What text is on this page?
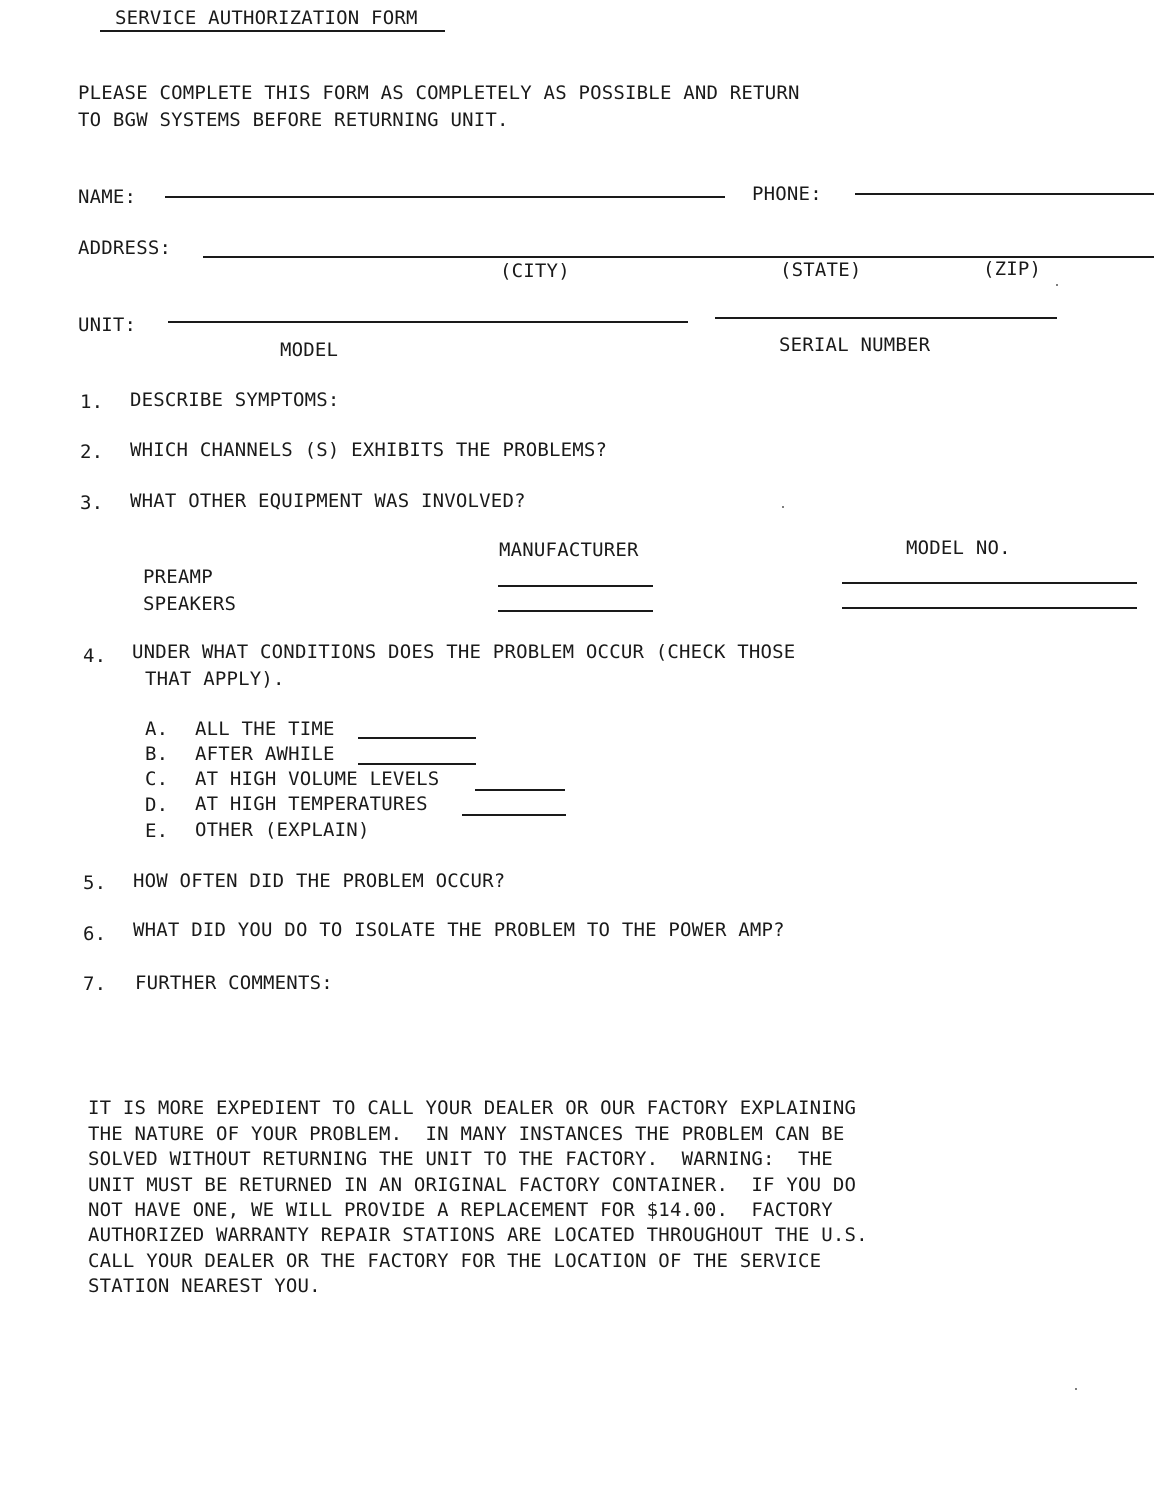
SERVICE AUTHORIZATION FORM
PLEASE COMPLETE THIS FORM AS COMPLETELY AS POSSIBLE AND RETURN
TO BGW SYSTEMS BEFORE RETURNING UNIT.
NAME:	PHONE:
ADDRESS:
(CITY)	(STATE)	(ZIP)
UNIT:
MODEL	SERIAL NUMBER
1. DESCRIBE SYMPTOMS:
2. WHICH CHANNELS (S) EXHIBITS THE PROBLEMS?
3. WHAT OTHER EQUIPMENT WAS INVOLVED?
MANUFACTURER	MODEL NO.
PREAMP
SPEAKERS
4. UNDER WHAT CONDITIONS DOES THE PROBLEM OCCUR (CHECK THOSE
THAT APPLY).
A. ALL THE TIME
B. AFTER AWHILE
C. AT HIGH VOLUME LEVELS
D. AT HIGH TEMPERATURES
E. OTHER (EXPLAIN)
5. HOW OFTEN DID THE PROBLEM OCCUR?
6. WHAT DID YOU DO TO ISOLATE THE PROBLEM TO THE POWER AMP?
7. FURTHER COMMENTS:
IT IS MORE EXPEDIENT TO CALL YOUR DEALER OR OUR FACTORY EXPLAINING
THE NATURE OF YOUR PROBLEM.  IN MANY INSTANCES THE PROBLEM CAN BE
SOLVED WITHOUT RETURNING THE UNIT TO THE FACTORY.  WARNING:  THE
UNIT MUST BE RETURNED IN AN ORIGINAL FACTORY CONTAINER.  IF YOU DO
NOT HAVE ONE, WE WILL PROVIDE A REPLACEMENT FOR $14.00.  FACTORY
AUTHORIZED WARRANTY REPAIR STATIONS ARE LOCATED THROUGHOUT THE U.S.
CALL YOUR DEALER OR THE FACTORY FOR THE LOCATION OF THE SERVICE
STATION NEAREST YOU.
